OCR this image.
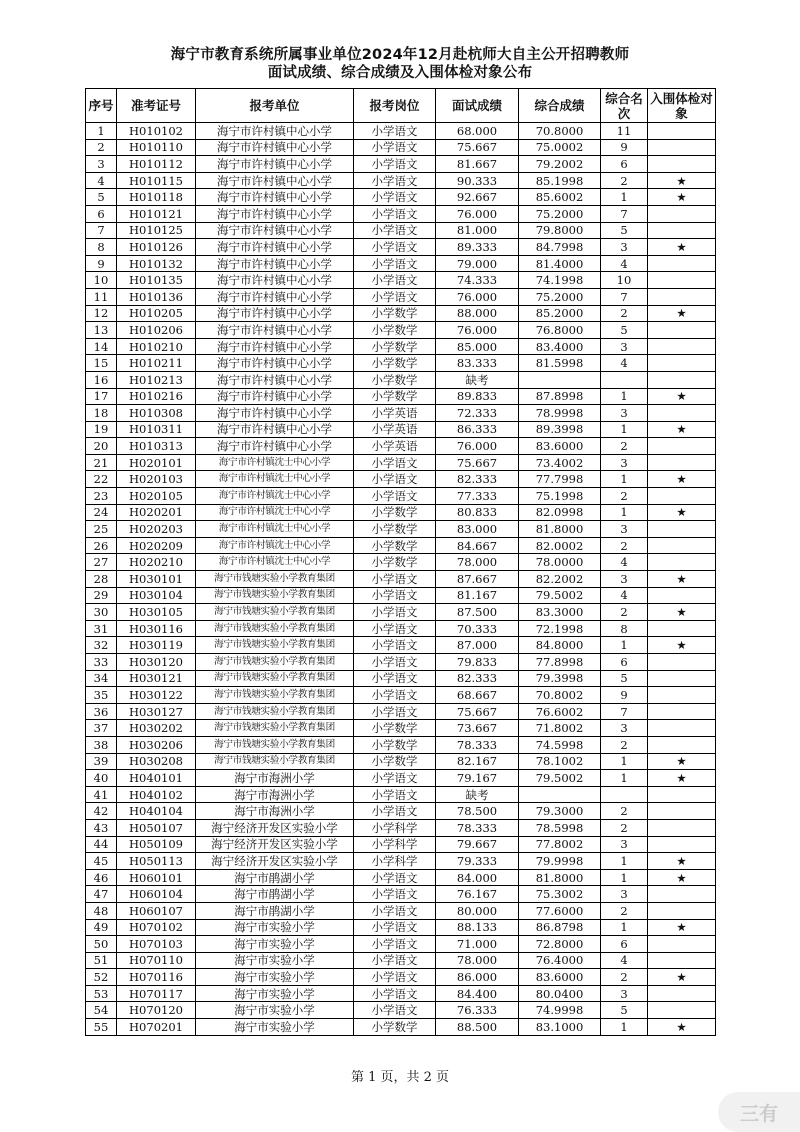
海宁市教育系统所属事业单位2024年12月赴杭师大自主公开招聘教师
面试成绩、综合成绩及入围体检对象公布
序号	准考证号	报考单位	报考岗位	面试成绩	综合成绩	综合名次	入围体检对象
1	H010102	海宁市许村镇中心小学	小学语文	68.000	70.8000	11	
2	H010110	海宁市许村镇中心小学	小学语文	75.667	75.0002	9	
3	H010112	海宁市许村镇中心小学	小学语文	81.667	79.2002	6	
4	H010115	海宁市许村镇中心小学	小学语文	90.333	85.1998	2	★
5	H010118	海宁市许村镇中心小学	小学语文	92.667	85.6002	1	★
6	H010121	海宁市许村镇中心小学	小学语文	76.000	75.2000	7	
7	H010125	海宁市许村镇中心小学	小学语文	81.000	79.8000	5	
8	H010126	海宁市许村镇中心小学	小学语文	89.333	84.7998	3	★
9	H010132	海宁市许村镇中心小学	小学语文	79.000	81.4000	4	
10	H010135	海宁市许村镇中心小学	小学语文	74.333	74.1998	10	
11	H010136	海宁市许村镇中心小学	小学语文	76.000	75.2000	7	
12	H010205	海宁市许村镇中心小学	小学数学	88.000	85.2000	2	★
13	H010206	海宁市许村镇中心小学	小学数学	76.000	76.8000	5	
14	H010210	海宁市许村镇中心小学	小学数学	85.000	83.4000	3	
15	H010211	海宁市许村镇中心小学	小学数学	83.333	81.5998	4	
16	H010213	海宁市许村镇中心小学	小学数学	缺考			
17	H010216	海宁市许村镇中心小学	小学数学	89.833	87.8998	1	★
18	H010308	海宁市许村镇中心小学	小学英语	72.333	78.9998	3	
19	H010311	海宁市许村镇中心小学	小学英语	86.333	89.3998	1	★
20	H010313	海宁市许村镇中心小学	小学英语	76.000	83.6000	2	
21	H020101	海宁市许村镇沈士中心小学	小学语文	75.667	73.4002	3	
22	H020103	海宁市许村镇沈士中心小学	小学语文	82.333	77.7998	1	★
23	H020105	海宁市许村镇沈士中心小学	小学语文	77.333	75.1998	2	
24	H020201	海宁市许村镇沈士中心小学	小学数学	80.833	82.0998	1	★
25	H020203	海宁市许村镇沈士中心小学	小学数学	83.000	81.8000	3	
26	H020209	海宁市许村镇沈士中心小学	小学数学	84.667	82.0002	2	
27	H020210	海宁市许村镇沈士中心小学	小学数学	78.000	78.0000	4	
28	H030101	海宁市钱塘实验小学教育集团	小学语文	87.667	82.2002	3	★
29	H030104	海宁市钱塘实验小学教育集团	小学语文	81.167	79.5002	4	
30	H030105	海宁市钱塘实验小学教育集团	小学语文	87.500	83.3000	2	★
31	H030116	海宁市钱塘实验小学教育集团	小学语文	70.333	72.1998	8	
32	H030119	海宁市钱塘实验小学教育集团	小学语文	87.000	84.8000	1	★
33	H030120	海宁市钱塘实验小学教育集团	小学语文	79.833	77.8998	6	
34	H030121	海宁市钱塘实验小学教育集团	小学语文	82.333	79.3998	5	
35	H030122	海宁市钱塘实验小学教育集团	小学语文	68.667	70.8002	9	
36	H030127	海宁市钱塘实验小学教育集团	小学语文	75.667	76.6002	7	
37	H030202	海宁市钱塘实验小学教育集团	小学数学	73.667	71.8002	3	
38	H030206	海宁市钱塘实验小学教育集团	小学数学	78.333	74.5998	2	
39	H030208	海宁市钱塘实验小学教育集团	小学数学	82.167	78.1002	1	★
40	H040101	海宁市海洲小学	小学语文	79.167	79.5002	1	★
41	H040102	海宁市海洲小学	小学语文	缺考			
42	H040104	海宁市海洲小学	小学语文	78.500	79.3000	2	
43	H050107	海宁经济开发区实验小学	小学科学	78.333	78.5998	2	
44	H050109	海宁经济开发区实验小学	小学科学	79.667	77.8002	3	
45	H050113	海宁经济开发区实验小学	小学科学	79.333	79.9998	1	★
46	H060101	海宁市鹃湖小学	小学语文	84.000	81.8000	1	★
47	H060104	海宁市鹃湖小学	小学语文	76.167	75.3002	3	
48	H060107	海宁市鹃湖小学	小学语文	80.000	77.6000	2	
49	H070102	海宁市实验小学	小学语文	88.133	86.8798	1	★
50	H070103	海宁市实验小学	小学语文	71.000	72.8000	6	
51	H070110	海宁市实验小学	小学语文	78.000	76.4000	4	
52	H070116	海宁市实验小学	小学语文	86.000	83.6000	2	★
53	H070117	海宁市实验小学	小学语文	84.400	80.0400	3	
54	H070120	海宁市实验小学	小学语文	76.333	74.9998	5	
55	H070201	海宁市实验小学	小学数学	88.500	83.1000	1	★
第 1 页，共 2 页
三有
